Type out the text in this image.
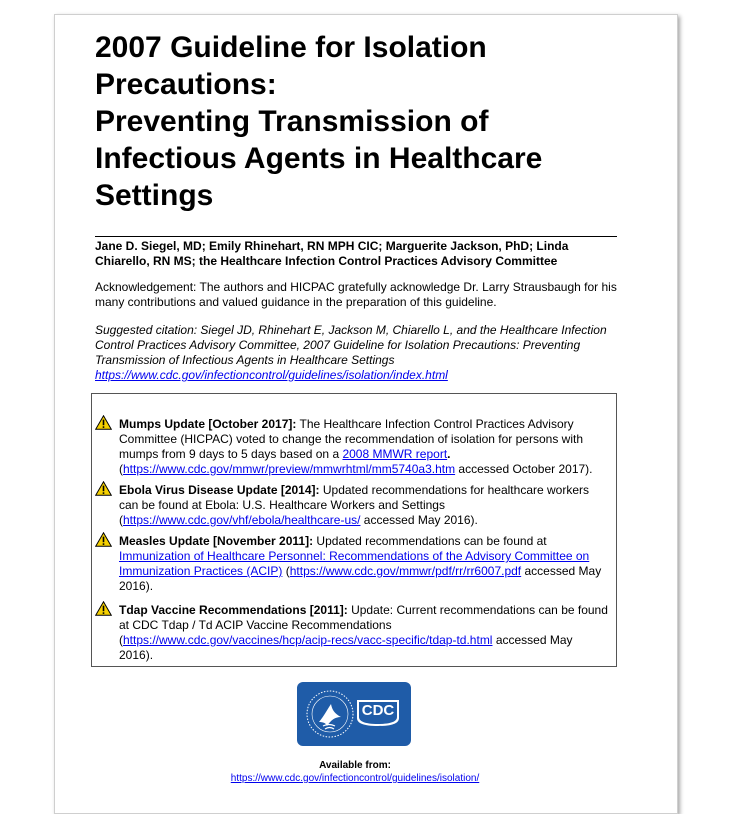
2007 Guideline for Isolation
Precautions:
Preventing Transmission of
Infectious Agents in Healthcare
Settings
Jane D. Siegel, MD; Emily Rhinehart, RN MPH CIC; Marguerite Jackson, PhD; Linda Chiarello, RN MS; the Healthcare Infection Control Practices Advisory Committee
Acknowledgement: The authors and HICPAC gratefully acknowledge Dr. Larry Strausbaugh for his many contributions and valued guidance in the preparation of this guideline.
Suggested citation: Siegel JD, Rhinehart E, Jackson M, Chiarello L, and the Healthcare Infection Control Practices Advisory Committee, 2007 Guideline for Isolation Precautions: Preventing Transmission of Infectious Agents in Healthcare Settings
https://www.cdc.gov/infectioncontrol/guidelines/isolation/index.html
Mumps Update [October 2017]: The Healthcare Infection Control Practices Advisory Committee (HICPAC) voted to change the recommendation of isolation for persons with mumps from 9 days to 5 days based on a 2008 MMWR report.
(https://www.cdc.gov/mmwr/preview/mmwrhtml/mm5740a3.htm accessed October 2017).
Ebola Virus Disease Update [2014]: Updated recommendations for healthcare workers can be found at Ebola: U.S. Healthcare Workers and Settings
(https://www.cdc.gov/vhf/ebola/healthcare-us/ accessed May 2016).
Measles Update [November 2011]: Updated recommendations can be found at Immunization of Healthcare Personnel: Recommendations of the Advisory Committee on Immunization Practices (ACIP) (https://www.cdc.gov/mmwr/pdf/rr/rr6007.pdf accessed May 2016).
Tdap Vaccine Recommendations [2011]: Update: Current recommendations can be found at CDC Tdap / Td ACIP Vaccine Recommendations
(https://www.cdc.gov/vaccines/hcp/acip-recs/vacc-specific/tdap-td.html accessed May 2016).
CDC
Available from:
https://www.cdc.gov/infectioncontrol/guidelines/isolation/
